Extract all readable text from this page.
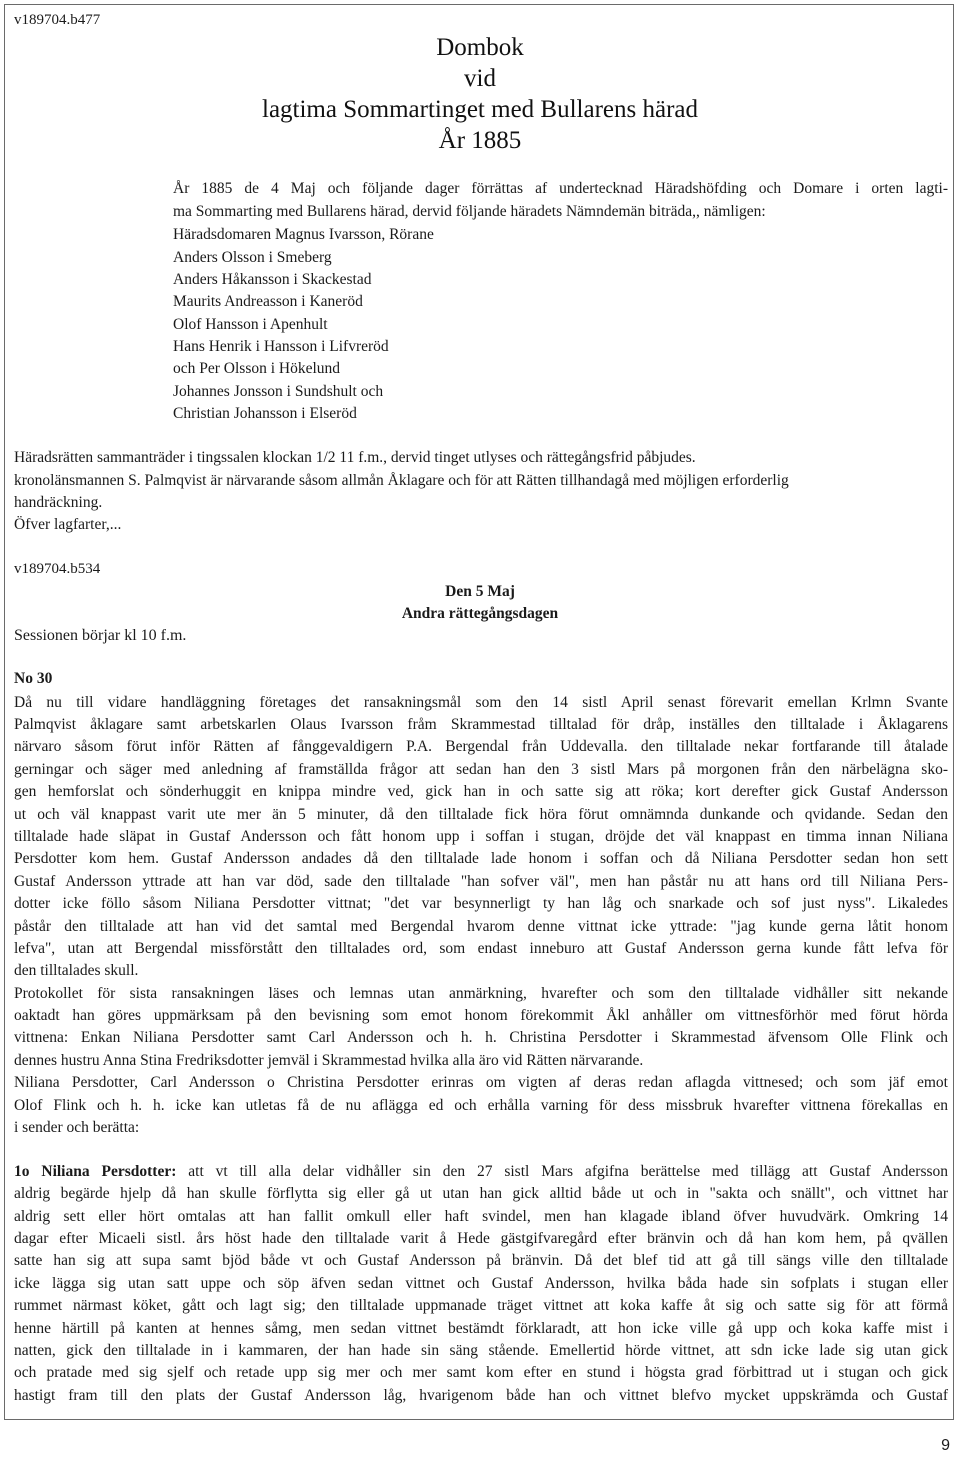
v189704.b477
Dombok
vid
lagtima Sommartinget med Bullarens härad
År 1885
År 1885 de 4 Maj och följande dager förrättas af undertecknad Häradshöfding och Domare i orten lagti-
ma Sommarting med Bullarens härad, dervid följande häradets Nämndemän biträda,, nämligen:
Häradsdomaren Magnus Ivarsson, Rörane
Anders Olsson i Smeberg
Anders Håkansson i Skackestad
Maurits Andreasson i Kaneröd
Olof Hansson i Apenhult
Hans Henrik i Hansson i Lifvreröd
och Per Olsson i Hökelund
Johannes Jonsson i Sundshult och
Christian Johansson i Elseröd
Häradsrätten sammanträder i tingssalen klockan 1/2 11 f.m., dervid tinget utlyses och rättegångsfrid påbjudes.
kronolänsmannen S. Palmqvist är närvarande såsom allmån Åklagare och för att Rätten tillhandagå med möjligen erforderlig
handräckning.
Öfver lagfarter,...
v189704.b534
Den 5 Maj
Andra rättegångsdagen
Sessionen börjar kl 10 f.m.
No 30
Då nu till vidare handläggning företages det ransakningsmål som den 14 sistl April senast förevarit emellan Krlmn Svante
Palmqvist åklagare samt arbetskarlen Olaus Ivarsson fråm Skrammestad tilltalad för dråp, inställes den tilltalade i Åklagarens
närvaro såsom förut inför Rätten af fånggevaldigern P.A. Bergendal från Uddevalla. den tilltalade nekar fortfarande till åtalade
gerningar och säger med anledning af framställda frågor att sedan han den 3 sistl Mars på morgonen från den närbelägna sko-
gen hemforslat och sönderhuggit en knippa mindre ved, gick han in och satte sig att röka; kort derefter gick Gustaf Andersson
ut och väl knappast varit ute mer än 5 minuter, då den tilltalade fick höra förut omnämnda dunkande och qvidande. Sedan den
tilltalade hade släpat in Gustaf Andersson och fått honom upp i soffan i stugan, dröjde det väl knappast en timma innan Niliana
Persdotter kom hem. Gustaf Andersson andades då den tilltalade lade honom i soffan och då Niliana Persdotter sedan hon sett
Gustaf Andersson yttrade att han var död, sade den tilltalade "han sofver väl", men han påstår nu att hans ord till Niliana Pers-
dotter icke föllo såsom Niliana Persdotter vittnat; "det var besynnerligt ty han låg och snarkade och sof just nyss". Likaledes
påstår den tilltalade att han vid det samtal med Bergendal hvarom denne vittnat icke yttrade: "jag kunde gerna låtit honom
lefva", utan att Bergendal missförstått den tilltalades ord, som endast inneburo att Gustaf Andersson gerna kunde fått lefva för
den tilltalades skull.
Protokollet för sista ransakningen läses och lemnas utan anmärkning, hvarefter och som den tilltalade vidhåller sitt nekande
oaktadt han göres uppmärksam på den bevisning som emot honom förekommit Åkl anhåller om vittnesförhör med förut hörda
vittnena: Enkan Niliana Persdotter samt Carl Andersson och h. h. Christina Persdotter i Skrammestad äfvensom Olle Flink och
dennes hustru Anna Stina Fredriksdotter jemväl i Skrammestad hvilka alla äro vid Rätten närvarande.
Niliana Persdotter, Carl Andersson o Christina Persdotter erinras om vigten af deras redan aflagda vittnesed; och som jäf emot
Olof Flink och h. h. icke kan utletas få de nu aflägga ed och erhålla varning för dess missbruk hvarefter vittnena förekallas en
i sender och berätta:
1o Niliana Persdotter: att vt till alla delar vidhåller sin den 27 sistl Mars afgifna berättelse med tillägg att Gustaf Andersson
aldrig begärde hjelp då han skulle förflytta sig eller gå ut utan han gick alltid både ut och in "sakta och snällt", och vittnet har
aldrig sett eller hört omtalas att han fallit omkull eller haft svindel, men han klagade ibland öfver huvudvärk. Omkring 14
dagar efter Micaeli sistl. års höst hade den tilltalade varit å Hede gästgifvaregård efter bränvin och då han kom hem, på qvällen
satte han sig att supa samt bjöd både vt och Gustaf Andersson på bränvin. Då det blef tid att gå till sängs ville den tilltalade
icke lägga sig utan satt uppe och söp äfven sedan vittnet och Gustaf Andersson, hvilka båda hade sin sofplats i stugan eller
rummet närmast köket, gått och lagt sig; den tilltalade uppmanade träget vittnet att koka kaffe åt sig och satte sig för att förmå
henne härtill på kanten at hennes såmg, men sedan vittnet bestämdt förklaradt, att hon icke ville gå upp och koka kaffe mist i
natten, gick den tilltalade in i kammaren, der han hade sin säng stående. Emellertid hörde vittnet, att sdn icke lade sig utan gick
och pratade med sig sjelf och retade upp sig mer och mer samt kom efter en stund i högsta grad förbittrad ut i stugan och gick
hastigt fram till den plats der Gustaf Andersson låg, hvarigenom både han och vittnet blefvo mycket uppskrämda och Gustaf
9
